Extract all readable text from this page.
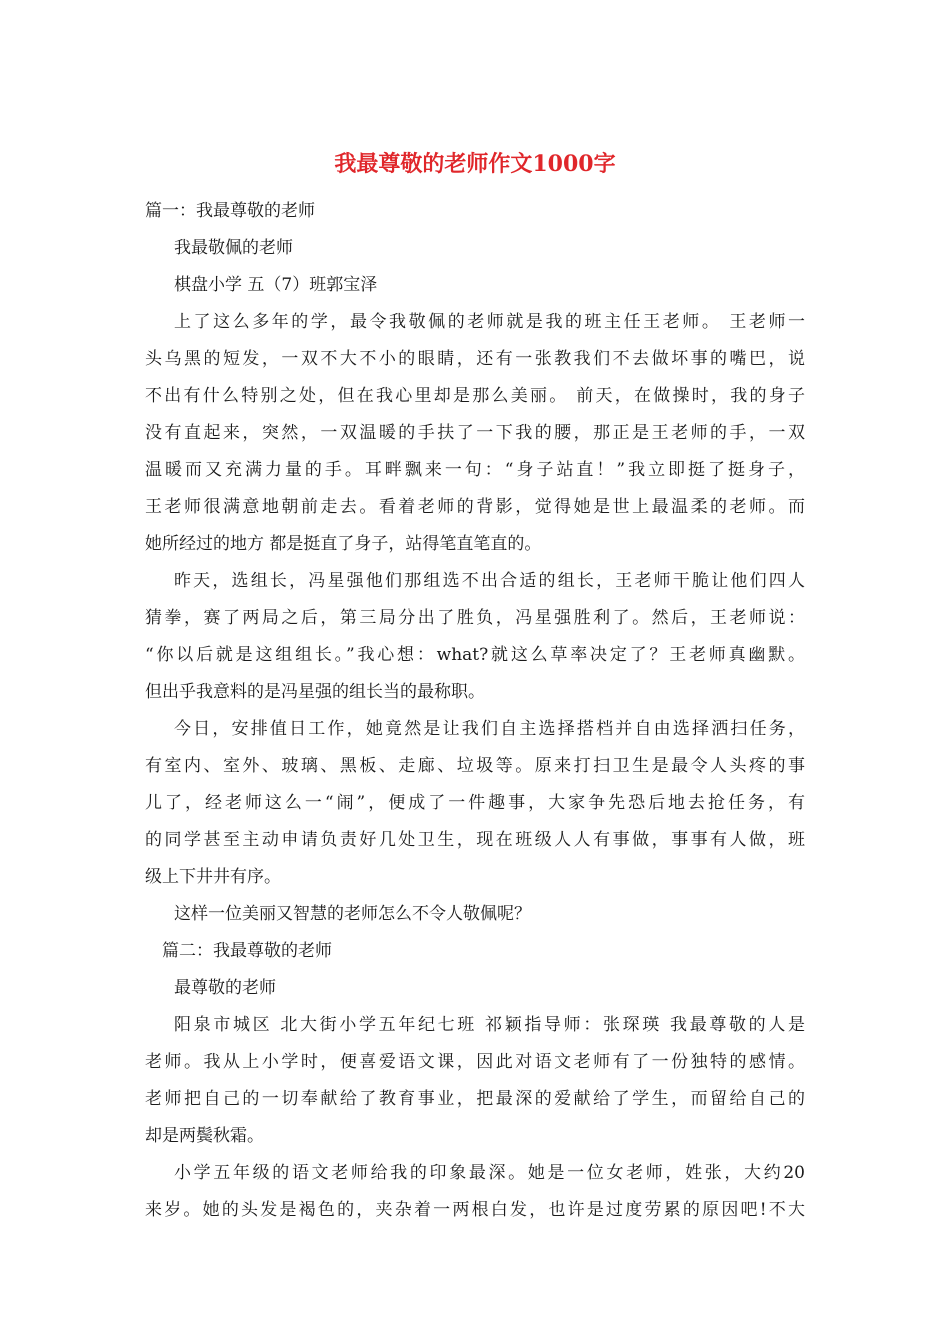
我最尊敬的老师作文1000字
篇一：我最尊敬的老师
我最敬佩的老师
棋盘小学 五（7）班郭宝泽
上了这么多年的学，最令我敬佩的老师就是我的班主任王老师。 王老师一
头乌黑的短发，一双不大不小的眼睛，还有一张教我们不去做坏事的嘴巴，说
不出有什么特别之处，但在我心里却是那么美丽。 前天，在做操时，我的身子
没有直起来，突然，一双温暖的手扶了一下我的腰，那正是王老师的手，一双
温暖而又充满力量的手。耳畔飘来一句：“身子站直！”我立即挺了挺身子，
王老师很满意地朝前走去。看着老师的背影，觉得她是世上最温柔的老师。而
她所经过的地方 都是挺直了身子，站得笔直笔直的。
昨天，选组长，冯星强他们那组选不出合适的组长，王老师干脆让他们四人
猜拳，赛了两局之后，第三局分出了胜负，冯星强胜利了。然后，王老师说：
“你以后就是这组组长。”我心想：what?就这么草率决定了？王老师真幽默。
但出乎我意料的是冯星强的组长当的最称职。
今日，安排值日工作，她竟然是让我们自主选择搭档并自由选择洒扫任务，
有室内、室外、玻璃、黑板、走廊、垃圾等。原来打扫卫生是最令人头疼的事
儿了，经老师这么一“闹”，便成了一件趣事，大家争先恐后地去抢任务，有
的同学甚至主动申请负责好几处卫生，现在班级人人有事做，事事有人做，班
级上下井井有序。
这样一位美丽又智慧的老师怎么不令人敬佩呢？
篇二：我最尊敬的老师
最尊敬的老师
阳泉市城区 北大街小学五年纪七班 祁颖指导师：张琛瑛 我最尊敬的人是
老师。我从上小学时，便喜爱语文课，因此对语文老师有了一份独特的感情。
老师把自己的一切奉献给了教育事业，把最深的爱献给了学生，而留给自己的
却是两鬓秋霜。
小学五年级的语文老师给我的印象最深。她是一位女老师，姓张，大约20
来岁。她的头发是褐色的，夹杂着一两根白发，也许是过度劳累的原因吧!不大
